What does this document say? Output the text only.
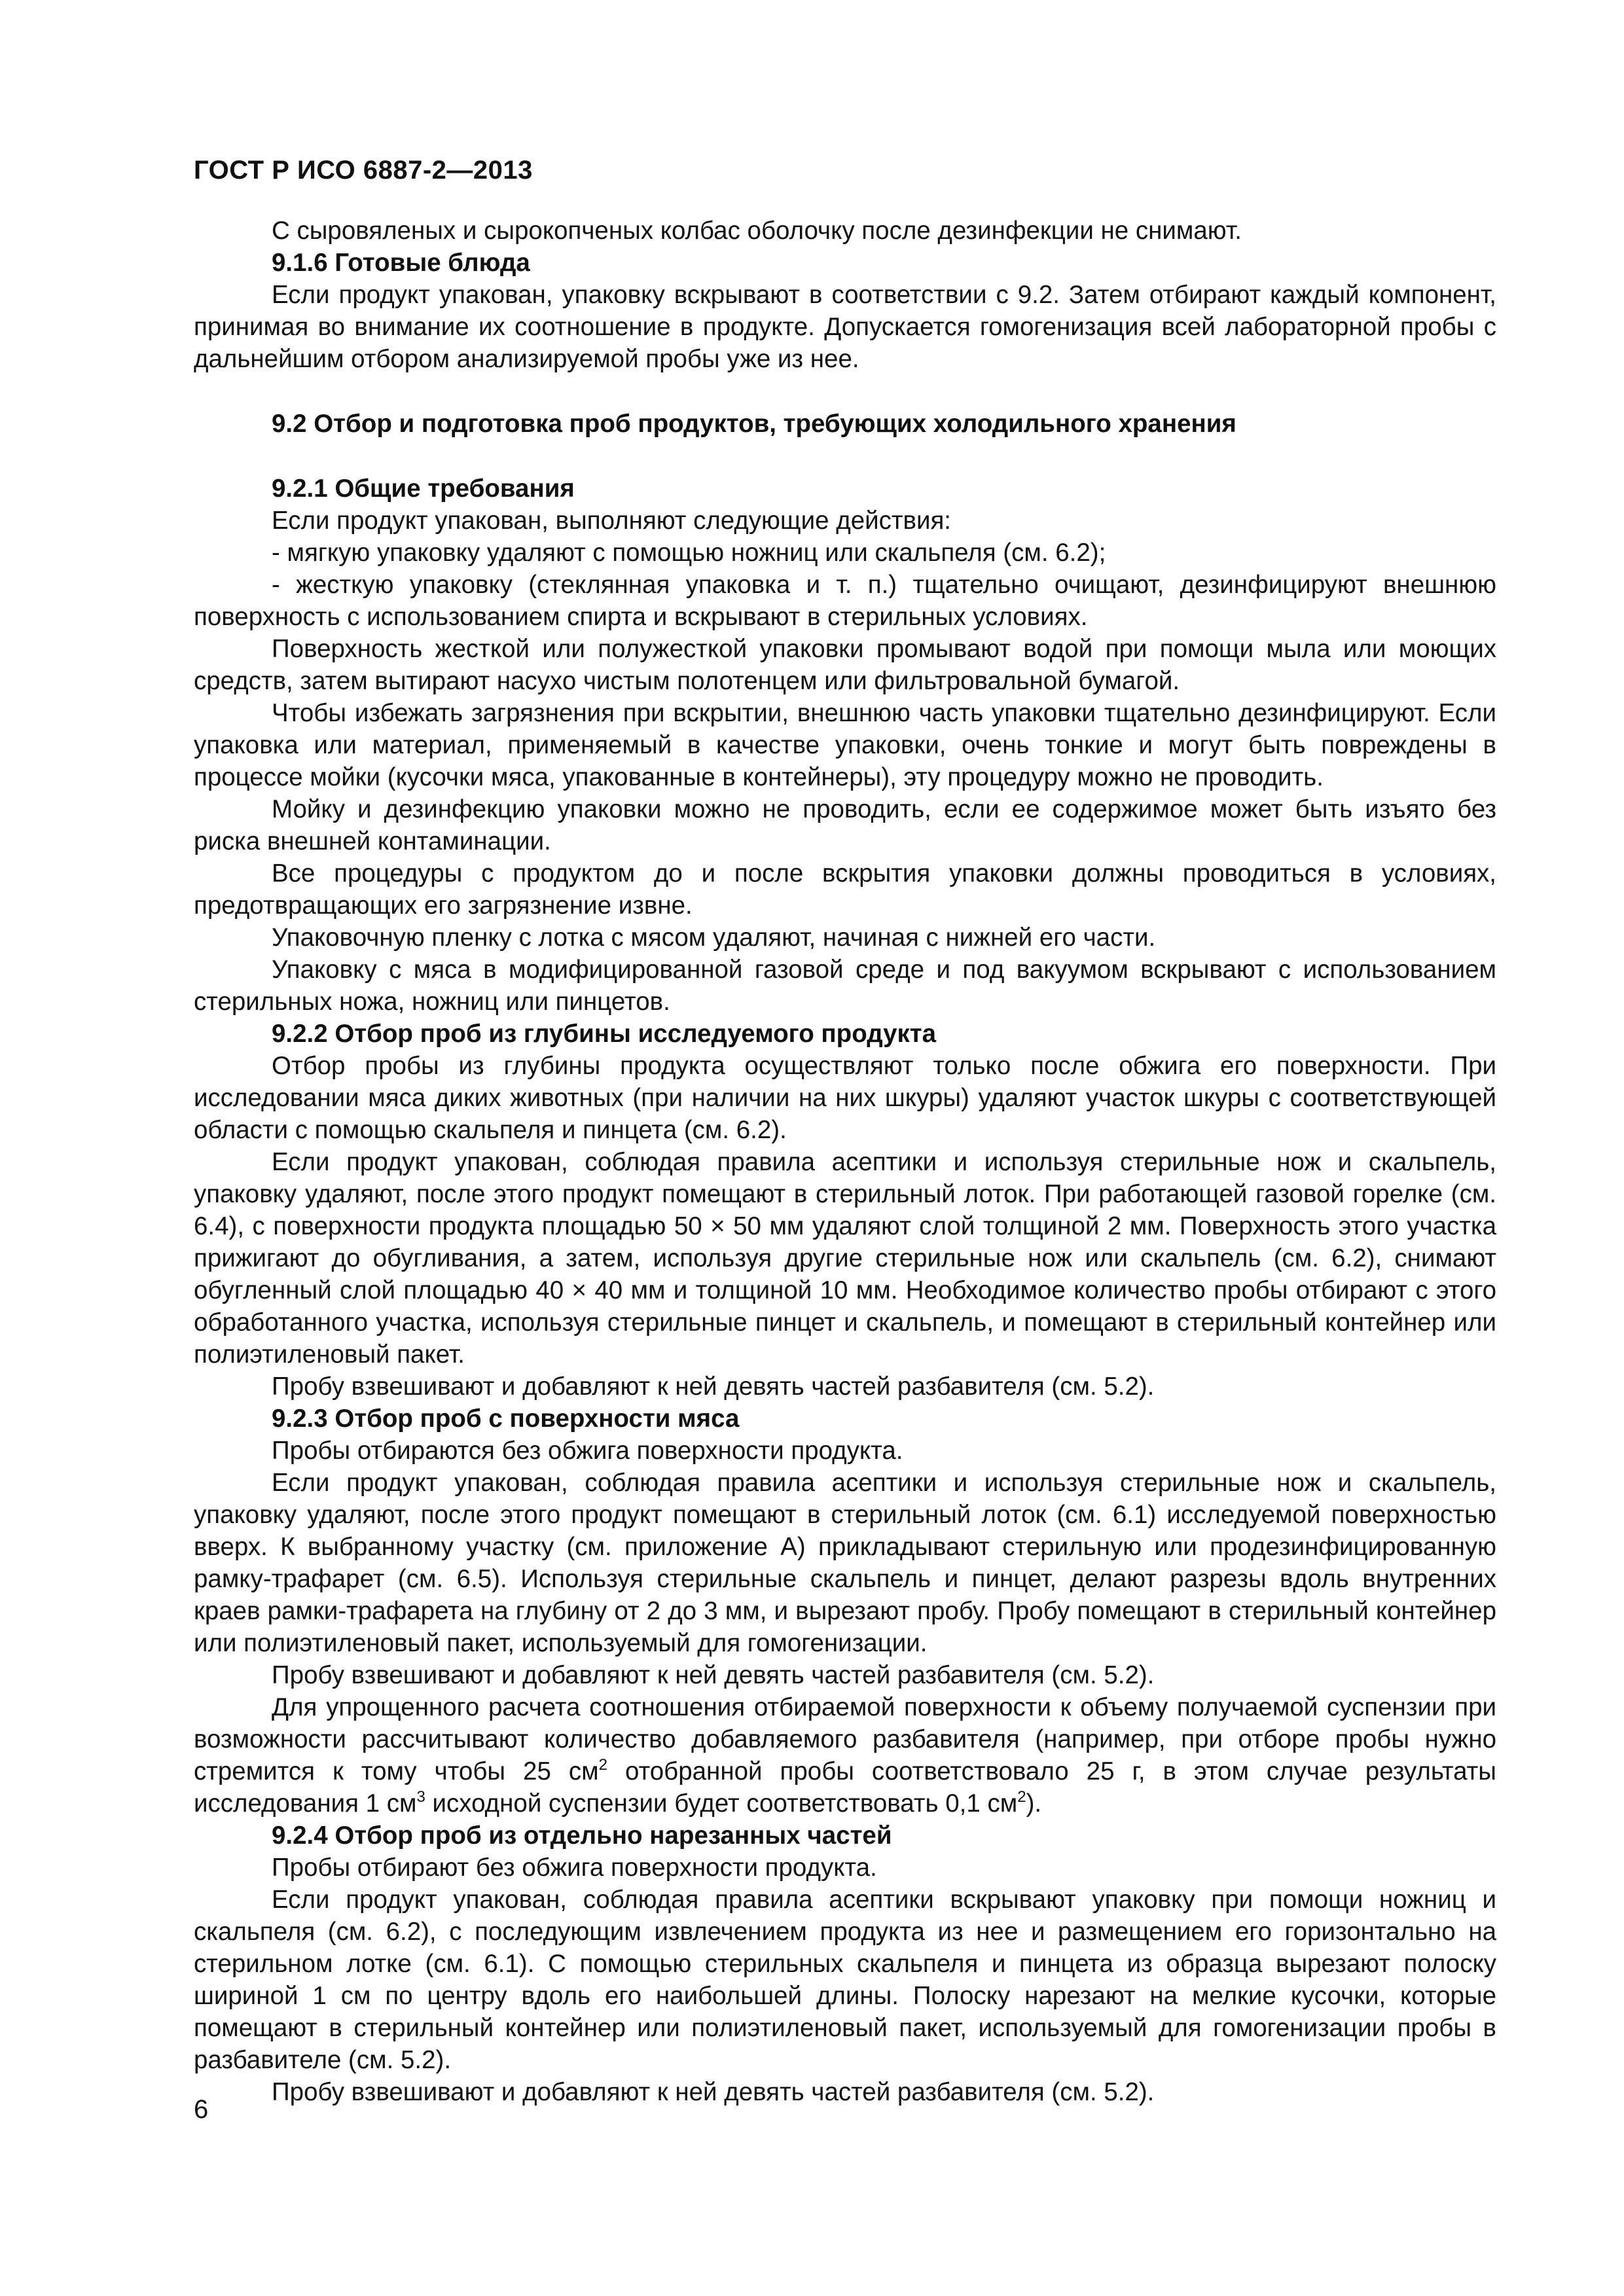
ГОСТ Р ИСО 6887-2—2013

С сыровяленых и сырокопченых колбас оболочку после дезинфекции не снимают.

9.1.6 Готовые блюда

Если продукт упакован, упаковку вскрывают в соответствии с 9.2. Затем отбирают каждый компонент, принимая во внимание их соотношение в продукте. Допускается гомогенизация всей лабораторной пробы с дальнейшим отбором анализируемой пробы уже из нее.

9.2 Отбор и подготовка проб продуктов, требующих холодильного хранения

9.2.1 Общие требования

Если продукт упакован, выполняют следующие действия:

- мягкую упаковку удаляют с помощью ножниц или скальпеля (см. 6.2);

- жесткую упаковку (стеклянная упаковка и т. п.) тщательно очищают, дезинфицируют внешнюю поверхность с использованием спирта и вскрывают в стерильных условиях.

Поверхность жесткой или полужесткой упаковки промывают водой при помощи мыла или моющих средств, затем вытирают насухо чистым полотенцем или фильтровальной бумагой.

Чтобы избежать загрязнения при вскрытии, внешнюю часть упаковки тщательно дезинфицируют. Если упаковка или материал, применяемый в качестве упаковки, очень тонкие и могут быть повреждены в процессе мойки (кусочки мяса, упакованные в контейнеры), эту процедуру можно не проводить.

Мойку и дезинфекцию упаковки можно не проводить, если ее содержимое может быть изъято без риска внешней контаминации.

Все процедуры с продуктом до и после вскрытия упаковки должны проводиться в условиях, предотвращающих его загрязнение извне.

Упаковочную пленку с лотка с мясом удаляют, начиная с нижней его части.

Упаковку с мяса в модифицированной газовой среде и под вакуумом вскрывают с использованием стерильных ножа, ножниц или пинцетов.

9.2.2 Отбор проб из глубины исследуемого продукта

Отбор пробы из глубины продукта осуществляют только после обжига его поверхности. При исследовании мяса диких животных (при наличии на них шкуры) удаляют участок шкуры с соответствующей области с помощью скальпеля и пинцета (см. 6.2).

Если продукт упакован, соблюдая правила асептики и используя стерильные нож и скальпель, упаковку удаляют, после этого продукт помещают в стерильный лоток. При работающей газовой горелке (см. 6.4), с поверхности продукта площадью 50 × 50 мм удаляют слой толщиной 2 мм. Поверхность этого участка прижигают до обугливания, а затем, используя другие стерильные нож или скальпель (см. 6.2), снимают обугленный слой площадью 40 × 40 мм и толщиной 10 мм. Необходимое количество пробы отбирают с этого обработанного участка, используя стерильные пинцет и скальпель, и помещают в стерильный контейнер или полиэтиленовый пакет.

Пробу взвешивают и добавляют к ней девять частей разбавителя (см. 5.2).

9.2.3 Отбор проб с поверхности мяса

Пробы отбираются без обжига поверхности продукта.

Если продукт упакован, соблюдая правила асептики и используя стерильные нож и скальпель, упаковку удаляют, после этого продукт помещают в стерильный лоток (см. 6.1) исследуемой поверхностью вверх. К выбранному участку (см. приложение А) прикладывают стерильную или продезинфицированную рамку-трафарет (см. 6.5). Используя стерильные скальпель и пинцет, делают разрезы вдоль внутренних краев рамки-трафарета на глубину от 2 до 3 мм, и вырезают пробу. Пробу помещают в стерильный контейнер или полиэтиленовый пакет, используемый для гомогенизации.

Пробу взвешивают и добавляют к ней девять частей разбавителя (см. 5.2).

Для упрощенного расчета соотношения отбираемой поверхности к объему получаемой суспензии при возможности рассчитывают количество добавляемого разбавителя (например, при отборе пробы нужно стремится к тому чтобы 25 $см^2$ отобранной пробы соответствовало 25 г, в этом случае результаты исследования 1 $см^3$ исходной суспензии будет соответствовать 0,1 $см^2$).

9.2.4 Отбор проб из отдельно нарезанных частей

Пробы отбирают без обжига поверхности продукта.

Если продукт упакован, соблюдая правила асептики вскрывают упаковку при помощи ножниц и скальпеля (см. 6.2), с последующим извлечением продукта из нее и размещением его горизонтально на стерильном лотке (см. 6.1). С помощью стерильных скальпеля и пинцета из образца вырезают полоску шириной 1 см по центру вдоль его наибольшей длины. Полоску нарезают на мелкие кусочки, которые помещают в стерильный контейнер или полиэтиленовый пакет, используемый для гомогенизации пробы в разбавителе (см. 5.2).

Пробу взвешивают и добавляют к ней девять частей разбавителя (см. 5.2).

6
